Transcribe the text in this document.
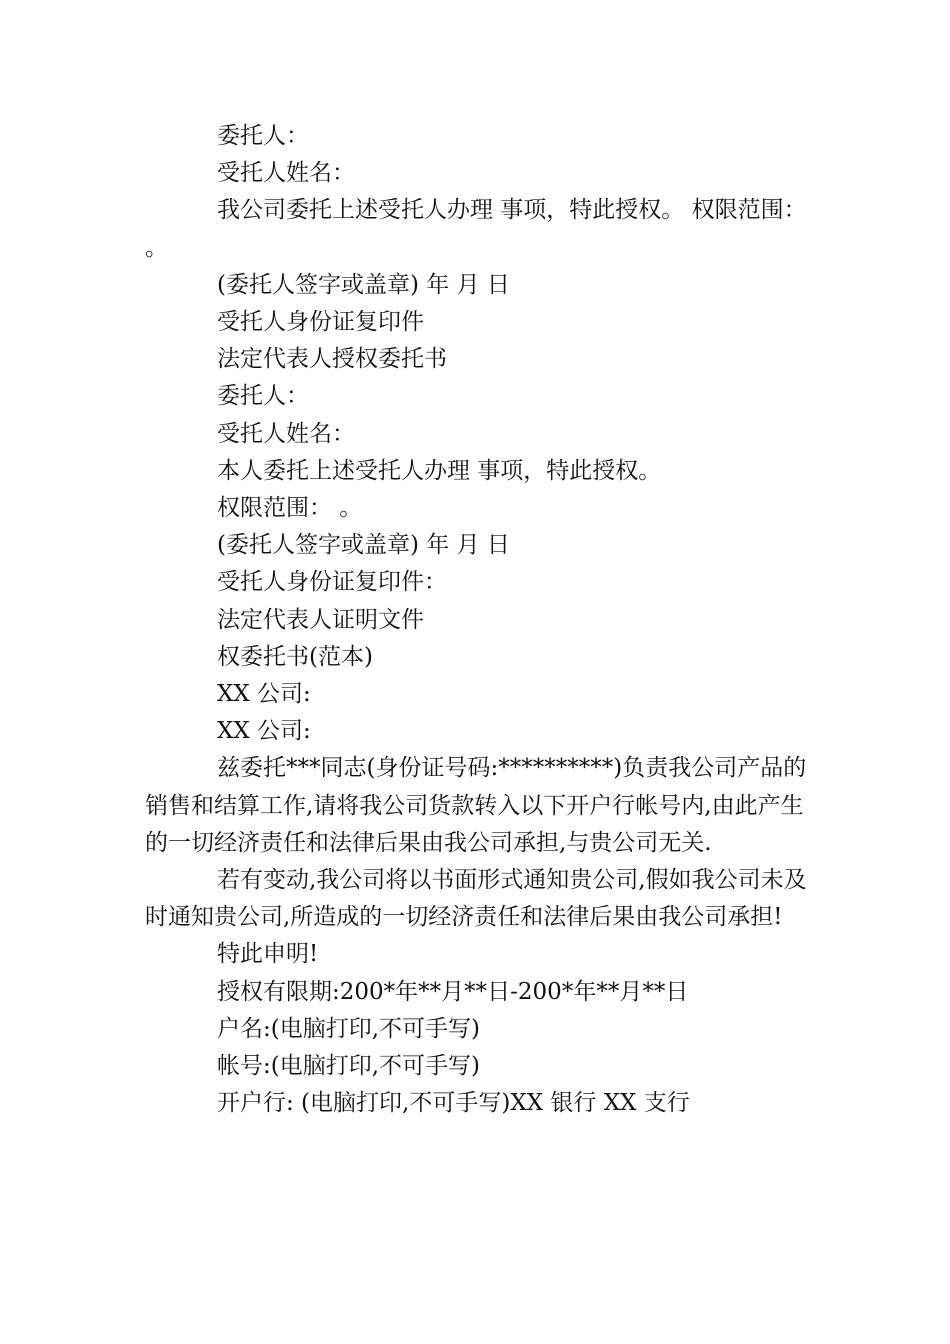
委托人：

受托人姓名：

我公司委托上述受托人办理 事项，特此授权。 权限范围： 。

(委托人签字或盖章) 年 月 日

受托人身份证复印件

法定代表人授权委托书

委托人：

受托人姓名：

本人委托上述受托人办理 事项，特此授权。

权限范围： 。

(委托人签字或盖章) 年 月 日

受托人身份证复印件：

法定代表人证明文件

权委托书(范本)

XX 公司:

XX 公司:

兹委托***同志(身份证号码:**********)负责我公司产品的销售和结算工作,请将我公司货款转入以下开户行帐号内,由此产生的一切经济责任和法律后果由我公司承担,与贵公司无关.

若有变动,我公司将以书面形式通知贵公司,假如我公司未及时通知贵公司,所造成的一切经济责任和法律后果由我公司承担!

特此申明!

授权有限期:200*年**月**日-200*年**月**日

户名:(电脑打印,不可手写)

帐号:(电脑打印,不可手写)

开户行: (电脑打印,不可手写)XX 银行 XX 支行
